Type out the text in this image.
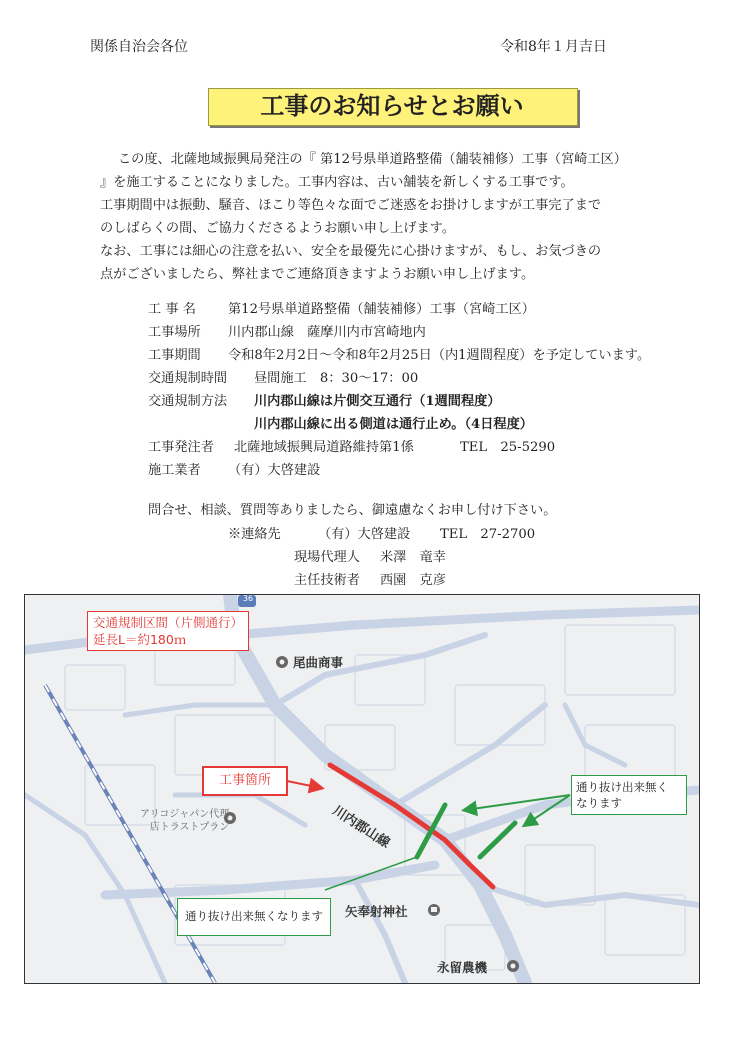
関係自治会各位	令和8年１月吉日
工事のお知らせとお願い
この度、北薩地域振興局発注の『 第12号県単道路整備（舗装補修）工事（宮崎工区）
』を施工することになりました。工事内容は、古い舗装を新しくする工事です。
工事期間中は振動、騒音、ほこり等色々な面でご迷惑をお掛けしますが工事完了まで
のしばらくの間、ご協力くださるようお願い申し上げます。
なお、工事には細心の注意を払い、安全を最優先に心掛けますが、もし、お気づきの
点がございましたら、弊社までご連絡頂きますようお願い申し上げます。
工 事 名 第12号県単道路整備（舗装補修）工事（宮崎工区）
工事場所 川内郡山線　薩摩川内市宮崎地内
工事期間 令和8年2月2日～令和8年2月25日（内1週間程度）を予定しています。
交通規制時間 昼間施工　8：30～17：00
交通規制方法 川内郡山線は片側交互通行（1週間程度）
川内郡山線に出る側道は通行止め。（4日程度）
工事発注者 北薩地域振興局道路維持第1係	TEL　25-5290
施工業者 （有）大啓建設
問合せ、相談、質問等ありましたら、御遠慮なくお申し付け下さい。
※連絡先	（有）大啓建設 TEL　27-2700
現場代理人 米澤　竜幸
主任技術者 西園　克彦
36
交通規制区間（片側通行）
延長L＝約180ｍ
工事箇所
川内郡山線
通り抜け出来無く
なります
通り抜け出来無くなります
尾曲商事
アリコジャパン代理
店トラストプラン
矢奉射神社
永留農機
